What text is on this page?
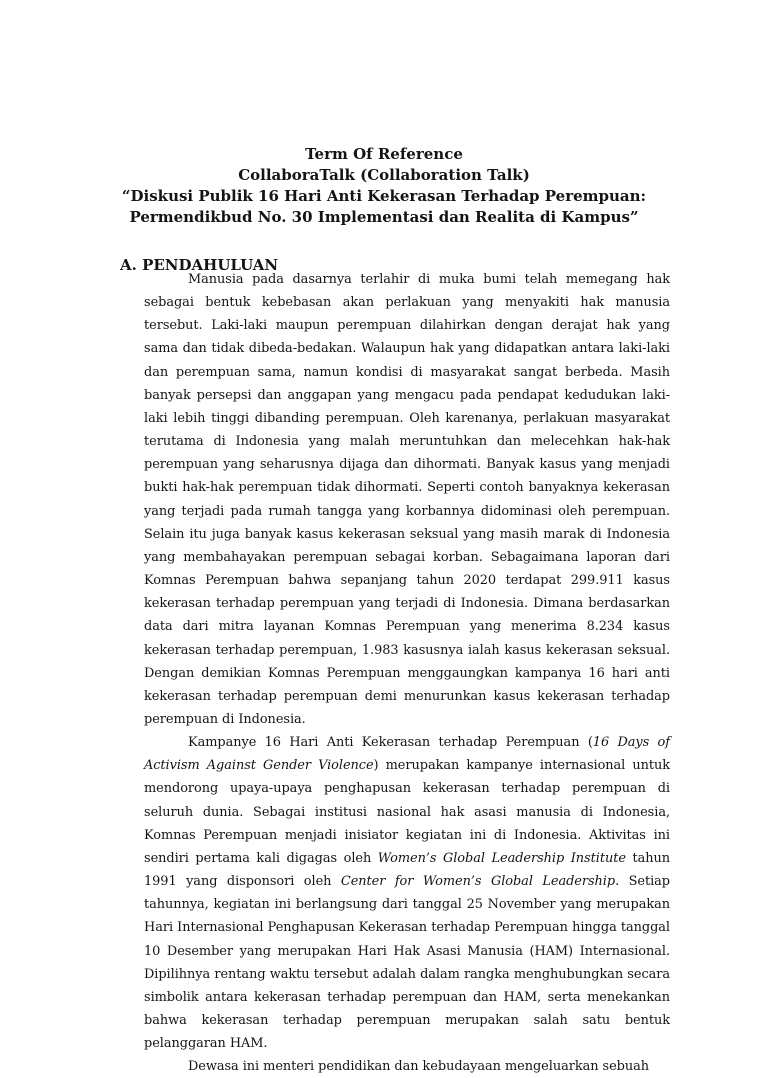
Term Of Reference
CollaboraTalk (Collaboration Talk)
“Diskusi Publik 16 Hari Anti Kekerasan Terhadap Perempuan:
Permendikbud No. 30 Implementasi dan Realita di Kampus”
A. PENDAHULUAN

Manusia pada dasarnya terlahir di muka bumi telah memegang hak sebagai bentuk kebebasan akan perlakuan yang menyakiti hak manusia tersebut. Laki-laki maupun perempuan dilahirkan dengan derajat hak yang sama dan tidak dibeda-bedakan. Walaupun hak yang didapatkan antara laki-laki dan perempuan sama, namun kondisi di masyarakat sangat berbeda. Masih banyak persepsi dan anggapan yang mengacu pada pendapat kedudukan laki-laki lebih tinggi dibanding perempuan. Oleh karenanya, perlakuan masyarakat terutama di Indonesia yang malah meruntuhkan dan melecehkan hak-hak perempuan yang seharusnya dijaga dan dihormati. Banyak kasus yang menjadi bukti hak-hak perempuan tidak dihormati. Seperti contoh banyaknya kekerasan yang terjadi pada rumah tangga yang korbannya didominasi oleh perempuan. Selain itu juga banyak kasus kekerasan seksual yang masih marak di Indonesia yang membahayakan perempuan sebagai korban. Sebagaimana laporan dari Komnas Perempuan bahwa sepanjang tahun 2020 terdapat 299.911 kasus kekerasan terhadap perempuan yang terjadi di Indonesia. Dimana berdasarkan data dari mitra layanan Komnas Perempuan yang menerima 8.234 kasus kekerasan terhadap perempuan, 1.983 kasusnya ialah kasus kekerasan seksual. Dengan demikian Komnas Perempuan menggaungkan kampanya 16 hari anti kekerasan terhadap perempuan demi menurunkan kasus kekerasan terhadap perempuan di Indonesia.

Kampanye 16 Hari Anti Kekerasan terhadap Perempuan (16 Days of Activism Against Gender Violence) merupakan kampanye internasional untuk mendorong upaya-upaya penghapusan kekerasan terhadap perempuan di seluruh dunia. Sebagai institusi nasional hak asasi manusia di Indonesia, Komnas Perempuan menjadi inisiator kegiatan ini di Indonesia. Aktivitas ini sendiri pertama kali digagas oleh Women’s Global Leadership Institute tahun 1991 yang disponsori oleh Center for Women’s Global Leadership. Setiap tahunnya, kegiatan ini berlangsung dari tanggal 25 November yang merupakan Hari Internasional Penghapusan Kekerasan terhadap Perempuan hingga tanggal 10 Desember yang merupakan Hari Hak Asasi Manusia (HAM) Internasional. Dipilihnya rentang waktu tersebut adalah dalam rangka menghubungkan secara simbolik antara kekerasan terhadap perempuan dan HAM, serta menekankan bahwa kekerasan terhadap perempuan merupakan salah satu bentuk pelanggaran HAM.

Dewasa ini menteri pendidikan dan kebudayaan mengeluarkan sebuah
